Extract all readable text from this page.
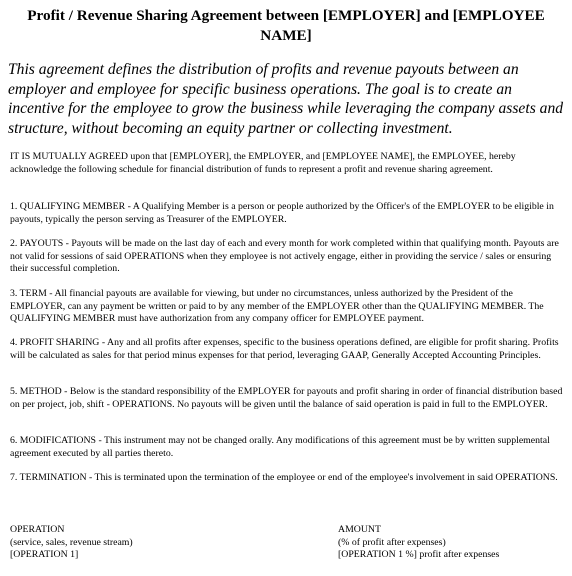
Profit / Revenue Sharing Agreement between [EMPLOYER] and [EMPLOYEE NAME]

This agreement defines the distribution of profits and revenue payouts between an employer and employee for specific business operations. The goal is to create an incentive for the employee to grow the business while leveraging the company assets and structure, without becoming an equity partner or collecting investment.

IT IS MUTUALLY AGREED upon that [EMPLOYER], the EMPLOYER, and [EMPLOYEE NAME], the EMPLOYEE, hereby acknowledge the following schedule for financial distribution of funds to represent a profit and revenue sharing agreement.

1. QUALIFYING MEMBER - A Qualifying Member is a person or people authorized by the Officer's of the EMPLOYER to be eligible in payouts, typically the person serving as Treasurer of the EMPLOYER.

2. PAYOUTS - Payouts will be made on the last day of each and every month for work completed within that qualifying month. Payouts are not valid for sessions of said OPERATIONS when they employee is not actively engage, either in providing the service / sales or ensuring their successful completion.

3. TERM - All financial payouts are available for viewing, but under no circumstances, unless authorized by the President of the EMPLOYER, can any payment be written or paid to by any member of the EMPLOYER other than the QUALIFYING MEMBER. The QUALIFYING MEMBER must have authorization from any company officer for EMPLOYEE payment.

4. PROFIT SHARING - Any and all profits after expenses, specific to the business operations defined, are eligible for profit sharing. Profits will be calculated as sales for that period minus expenses for that period, leveraging GAAP, Generally Accepted Accounting Principles.

5. METHOD - Below is the standard responsibility of the EMPLOYER for payouts and profit sharing in order of financial distribution based on per project, job, shift - OPERATIONS. No payouts will be given until the balance of said operation is paid in full to the EMPLOYER.

6. MODIFICATIONS - This instrument may not be changed orally. Any modifications of this agreement must be by written supplemental agreement executed by all parties thereto.

7. TERMINATION - This is terminated upon the termination of the employee or end of the employee's involvement in said OPERATIONS.

OPERATION
(service, sales, revenue stream)
[OPERATION 1]
AMOUNT
(% of profit after expenses)
[OPERATION 1 %] profit after expenses
